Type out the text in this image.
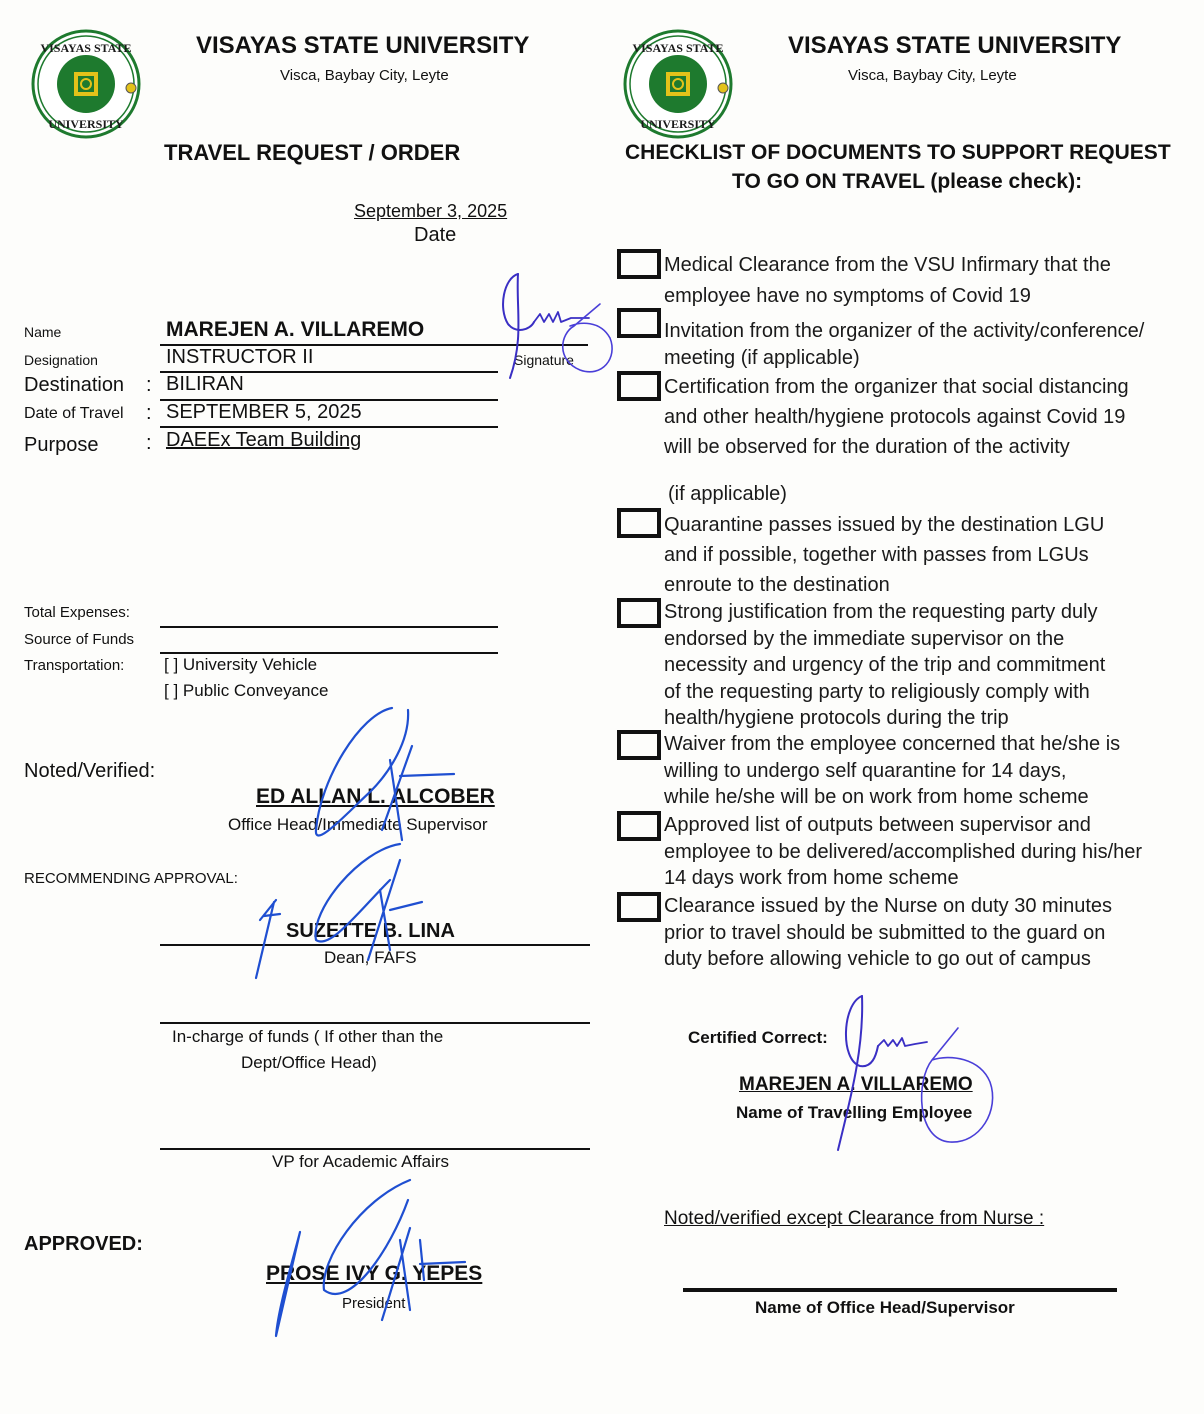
VISAYAS STATE
UNIVERSITY
VISAYAS STATE UNIVERSITY
Visca, Baybay City, Leyte
TRAVEL REQUEST / ORDER
September 3, 2025
Date
Name	MAREJEN A. VILLAREMO
Signature
Designation	INSTRUCTOR II
Destination : BILIRAN
Date of Travel : SEPTEMBER 5, 2025
Purpose : DAEEx Team Building
Total Expenses:
Source of Funds
Transportation: [ ] University Vehicle
[ ] Public Conveyance
Noted/Verified:
ED ALLAN L. ALCOBER
Office Head/Immediate Supervisor
RECOMMENDING APPROVAL:
SUZETTE B. LINA
Dean, FAFS
In-charge of funds ( If other than the
Dept/Office Head)
VP for Academic Affairs
APPROVED:
PROSE IVY G. YEPES
President
VISAYAS STATE
UNIVERSITY
VISAYAS STATE UNIVERSITY
Visca, Baybay City, Leyte
CHECKLIST OF DOCUMENTS TO SUPPORT REQUEST
TO GO ON TRAVEL (please check):
Medical Clearance from the VSU Infirmary that the
employee have no symptoms of Covid 19
Invitation from the organizer of the activity/conference/
meeting (if applicable)
Certification from the organizer that social distancing
and other health/hygiene protocols against Covid 19
will be observed for the duration of the activity
(if applicable)
Quarantine passes issued by the destination LGU
and if possible, together with passes from LGUs
enroute to the destination
Strong justification from the requesting party duly
endorsed by the immediate supervisor on the
necessity and urgency of the trip and commitment
of the requesting party to religiously comply with
health/hygiene protocols during the trip
Waiver from the employee concerned that he/she is
willing to undergo self quarantine for 14 days,
while he/she will be on work from home scheme
Approved list of outputs between supervisor and
employee to be delivered/accomplished during his/her
14 days work from home scheme
Clearance issued by the Nurse on duty 30 minutes
prior to travel should be submitted to the guard on
duty before allowing vehicle to go out of campus
Certified Correct:
MAREJEN A. VILLAREMO
Name of Travelling Employee
Noted/verified except Clearance from Nurse :
Name of Office Head/Supervisor
